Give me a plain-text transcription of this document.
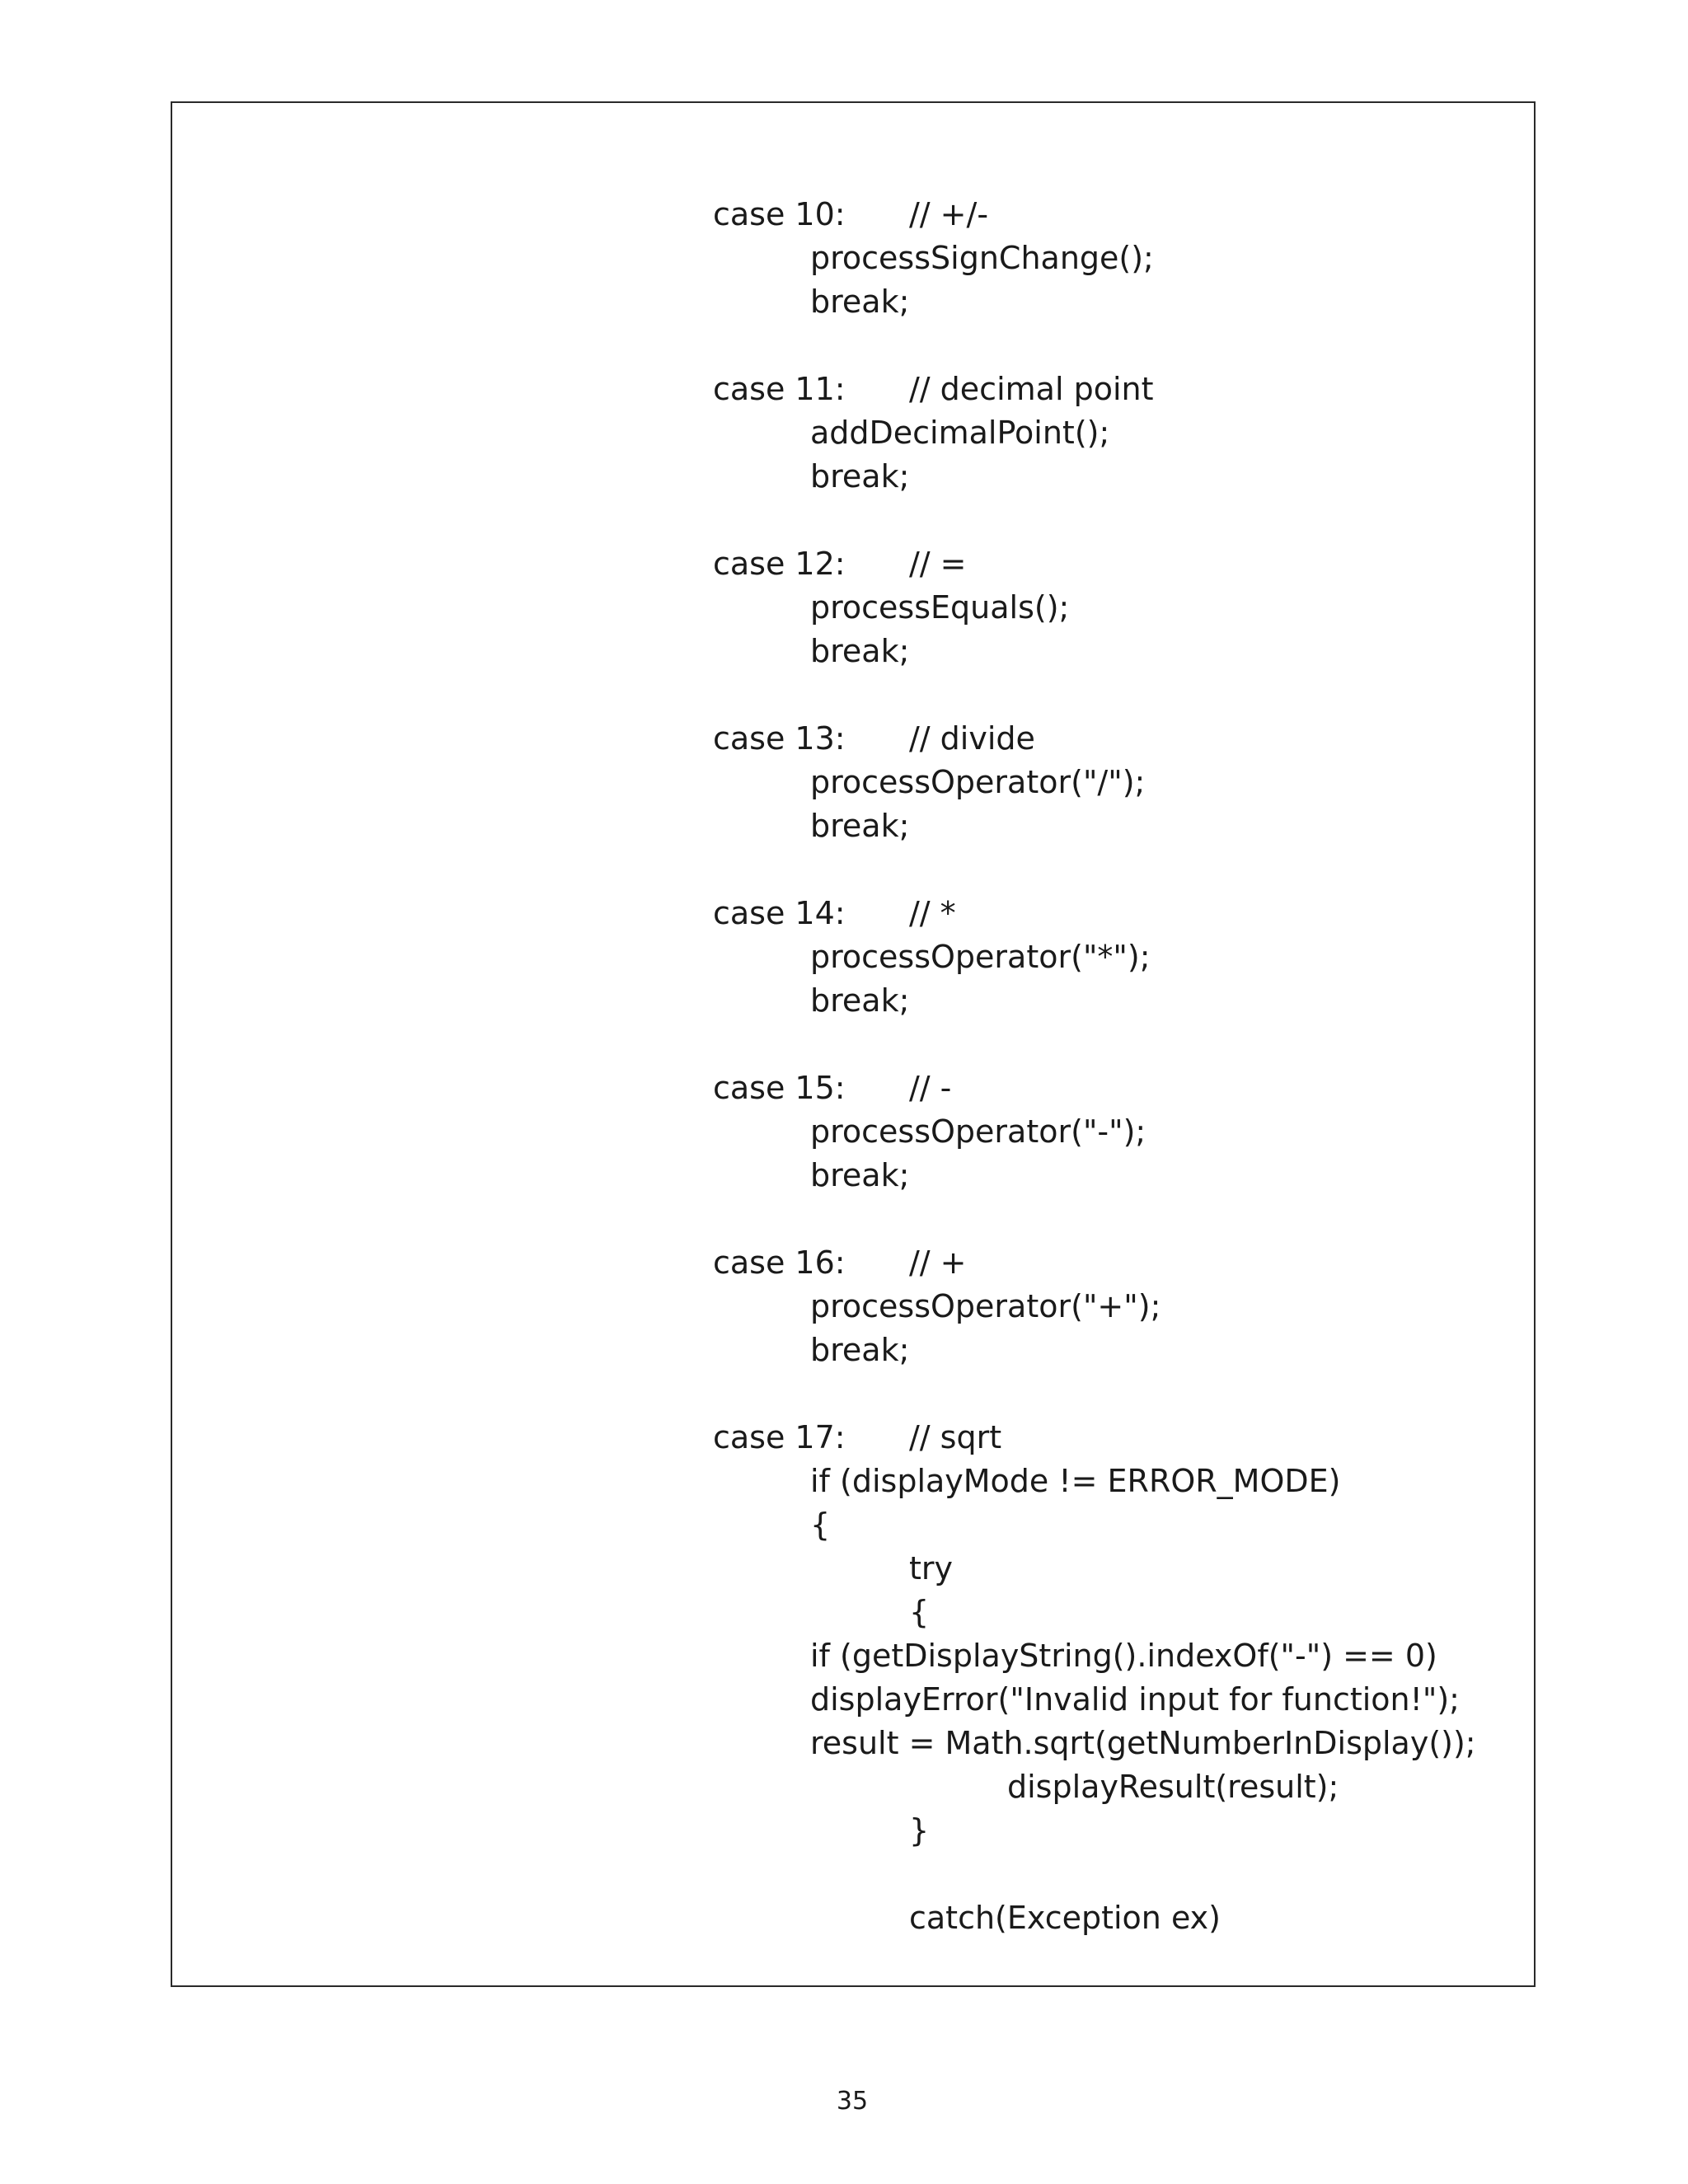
case 10: // +/-
processSignChange();
break;
case 11: // decimal point
addDecimalPoint();
break;
case 12: // =
processEquals();
break;
case 13: // divide
processOperator("/");
break;
case 14: // *
processOperator("*");
break;
case 15: // -
processOperator("-");
break;
case 16: // +
processOperator("+");
break;
case 17: // sqrt
if (displayMode != ERROR_MODE)
{
try
{
if (getDisplayString().indexOf("-") == 0)
displayError("Invalid input for function!");
result = Math.sqrt(getNumberInDisplay());
displayResult(result);
}
catch(Exception ex)
35
